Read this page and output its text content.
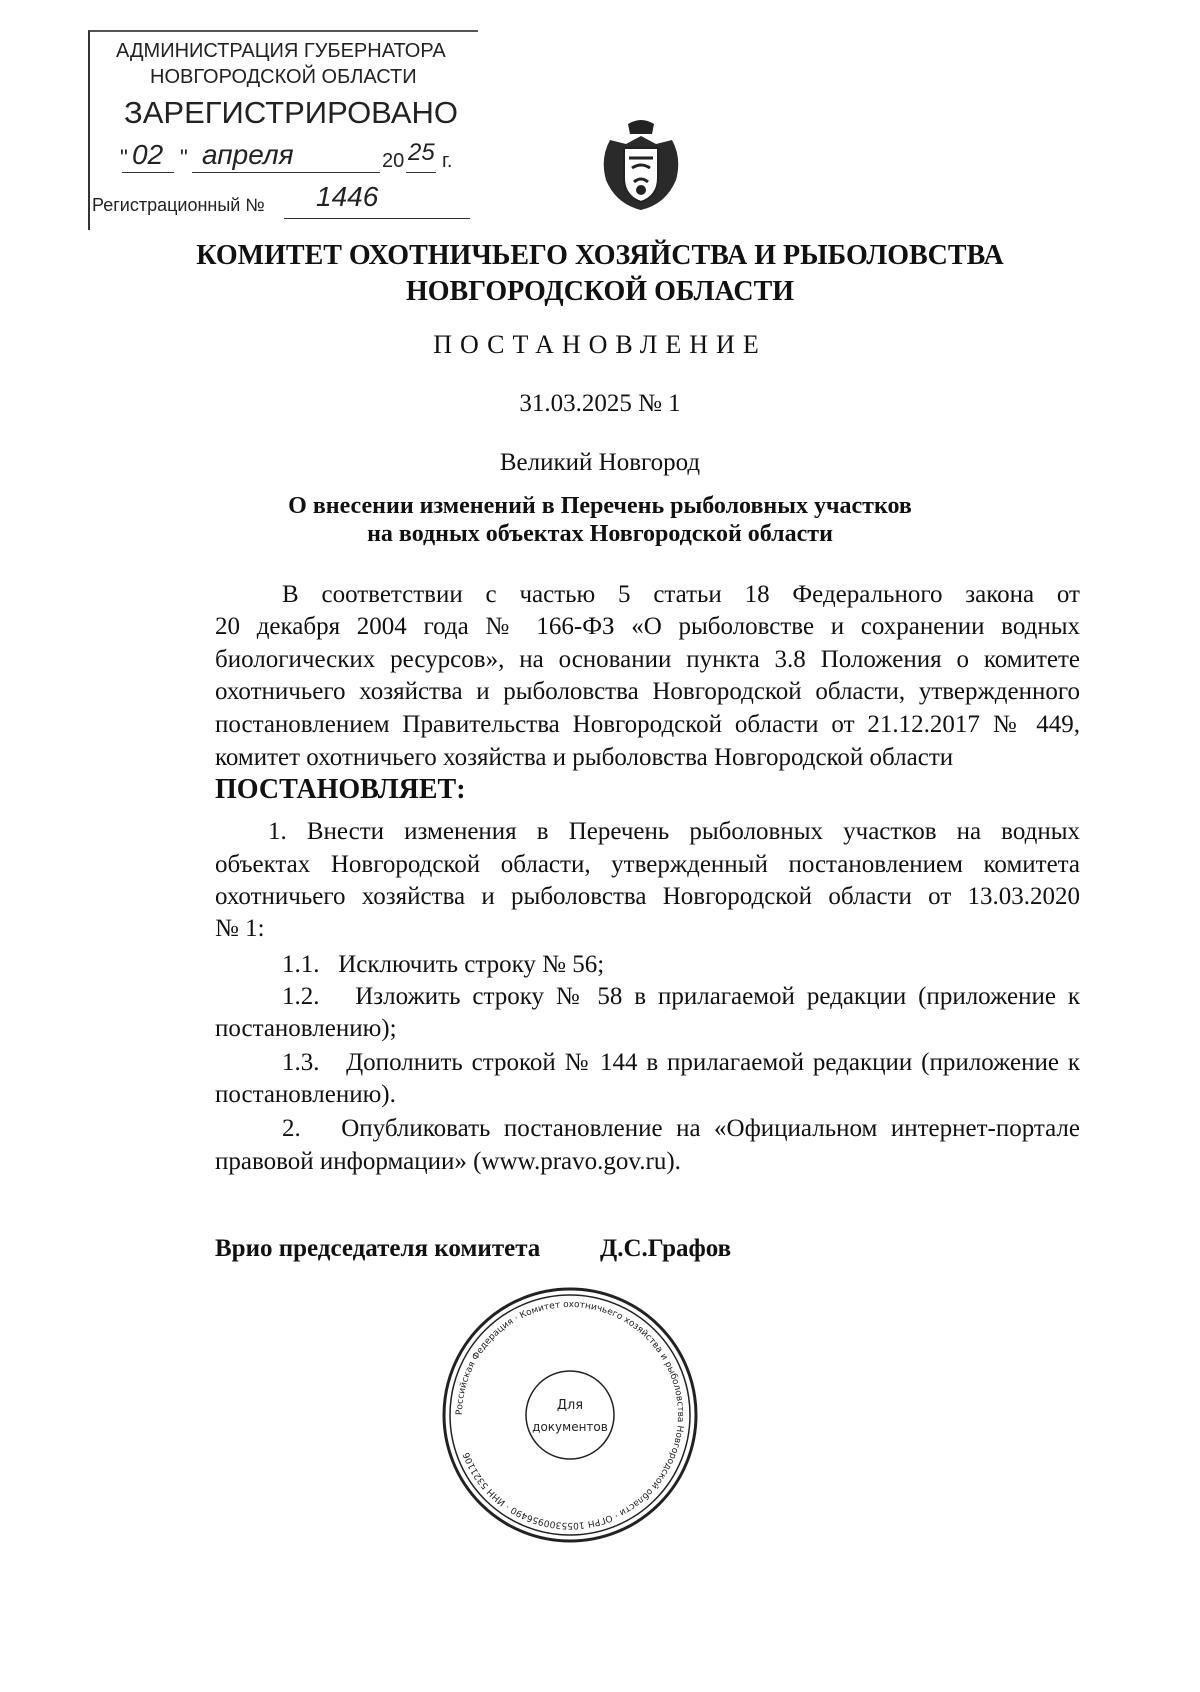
АДМИНИСТРАЦИЯ ГУБЕРНАТОРА
НОВГОРОДСКОЙ ОБЛАСТИ
ЗАРЕГИСТРИРОВАНО
" 02 " апреля	20 25 г.
Регистрационный № 1446
КОМИТЕТ ОХОТНИЧЬЕГО ХОЗЯЙСТВА И РЫБОЛОВСТВА
НОВГОРОДСКОЙ ОБЛАСТИ
ПОСТАНОВЛЕНИЕ
31.03.2025 № 1
Великий Новгород
О внесении изменений в Перечень рыболовных участков
на водных объектах Новгородской области
В соответствии с частью 5 статьи 18 Федерального закона от
20 декабря 2004 года № 166-ФЗ «О рыболовстве и сохранении водных
биологических ресурсов», на основании пункта 3.8 Положения о комитете
охотничьего хозяйства и рыболовства Новгородской области, утвержденного
постановлением Правительства Новгородской области от 21.12.2017 № 449,
комитет охотничьего хозяйства и рыболовства Новгородской области
ПОСТАНОВЛЯЕТ:
1. Внести изменения в Перечень рыболовных участков на водных
объектах Новгородской области, утвержденный постановлением комитета
охотничьего хозяйства и рыболовства Новгородской области от 13.03.2020
№ 1:
1.1.   Исключить строку № 56;
1.2.   Изложить строку № 58 в прилагаемой редакции (приложение к
постановлению);
1.3.   Дополнить строкой № 144 в прилагаемой редакции (приложение к
постановлению).
2.   Опубликовать постановление на «Официальном интернет-портале
правовой информации» (www.pravo.gov.ru).
Врио председателя комитета	Д.С.Графов
Российская Федерация · Комитет охотничьего хозяйства и рыболовства Новгородской области · ОГРН 1055300956490 · ИНН 5321106
Для
документов
